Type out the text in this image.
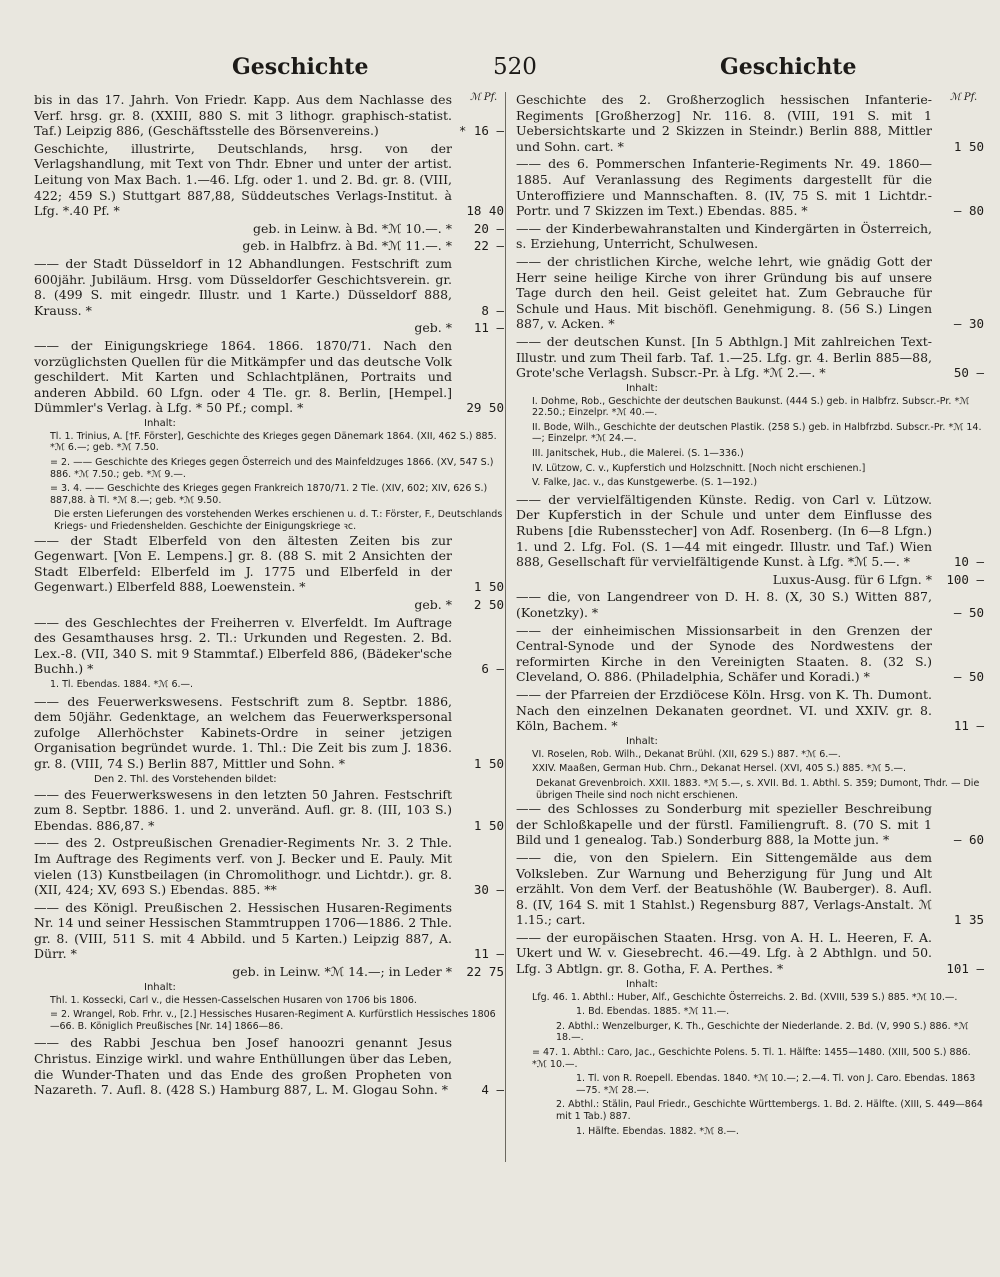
Geschichte	520	Geschichte
ℳ Pf.	ℳ Pf.
bis in das 17. Jahrh. Von Friedr. Kapp. Aus dem Nachlasse des Verf. hrsg. gr. 8. (XXIII, 880 S. mit 3 lithogr. graphisch-statist. Taf.) Leipzig 886, (Geschäftsstelle des Börsenvereins.)	* 16 —
Geschichte, illustrirte, Deutschlands, hrsg. von der Verlagshandlung, mit Text von Thdr. Ebner und unter der artist. Leitung von Max Bach. 1.—46. Lfg. oder 1. und 2. Bd. gr. 8. (VIII, 422; 459 S.) Stuttgart 887,88, Süddeutsches Verlags-Institut. à Lfg. *.40 Pf. *	18 40
geb. in Leinw. à Bd. *ℳ 10.—. * 20 —
geb. in Halbfrz. à Bd. *ℳ 11.—. * 22 —
—— der Stadt Düsseldorf in 12 Abhandlungen. Festschrift zum 600jähr. Jubiläum. Hrsg. vom Düsseldorfer Geschichtsverein. gr. 8. (499 S. mit eingedr. Illustr. und 1 Karte.) Düsseldorf 888, Krauss. *	8 —
geb. * 11 —
—— der Einigungskriege 1864. 1866. 1870/71. Nach den vorzüglichsten Quellen für die Mitkämpfer und das deutsche Volk geschildert. Mit Karten und Schlachtplänen, Portraits und anderen Abbild. 60 Lfgn. oder 4 Tle. gr. 8. Berlin, [Hempel.] Dümmler's Verlag. à Lfg. * 50 Pf.; compl. *	29 50
Inhalt:
Tl. 1. Trinius, A. [†F. Förster], Geschichte des Krieges gegen Dänemark 1864. (XII, 462 S.) 885. *ℳ 6.—; geb. *ℳ 7.50.
= 2. —— Geschichte des Krieges gegen Österreich und des Mainfeldzuges 1866. (XV, 547 S.) 886. *ℳ 7.50.; geb. *ℳ 9.—.
= 3. 4. —— Geschichte des Krieges gegen Frankreich 1870/71. 2 Tle. (XIV, 602; XIV, 626 S.) 887,88. à Tl. *ℳ 8.—; geb. *ℳ 9.50.
Die ersten Lieferungen des vorstehenden Werkes erschienen u. d. T.: Förster, F., Deutschlands Kriegs- und Friedenshelden. Geschichte der Einigungskriege ꝛc.
—— der Stadt Elberfeld von den ältesten Zeiten bis zur Gegenwart. [Von E. Lempens.] gr. 8. (88 S. mit 2 Ansichten der Stadt Elberfeld: Elberfeld im J. 1775 und Elberfeld in der Gegenwart.) Elberfeld 888, Loewenstein. *	1 50
geb. * 2 50
—— des Geschlechtes der Freiherren v. Elverfeldt. Im Auftrage des Gesamthauses hrsg. 2. Tl.: Urkunden und Regesten. 2. Bd. Lex.-8. (VII, 340 S. mit 9 Stammtaf.) Elberfeld 886, (Bädeker'sche Buchh.) *	6 —
1. Tl. Ebendas. 1884. *ℳ 6.—.
—— des Feuerwerkswesens. Festschrift zum 8. Septbr. 1886, dem 50jähr. Gedenktage, an welchem das Feuerwerkspersonal zufolge Allerhöchster Kabinets-Ordre in seiner jetzigen Organisation begründet wurde. 1. Thl.: Die Zeit bis zum J. 1836. gr. 8. (VIII, 74 S.) Berlin 887, Mittler und Sohn. *	1 50
Den 2. Thl. des Vorstehenden bildet:
—— des Feuerwerkswesens in den letzten 50 Jahren. Festschrift zum 8. Septbr. 1886. 1. und 2. unveränd. Aufl. gr. 8. (III, 103 S.) Ebendas. 886,87. *	1 50
—— des 2. Ostpreußischen Grenadier-Regiments Nr. 3. 2 Thle. Im Auftrage des Regiments verf. von J. Becker und E. Pauly. Mit vielen (13) Kunstbeilagen (in Chromolithogr. und Lichtdr.). gr. 8. (XII, 424; XV, 693 S.) Ebendas. 885. **	30 —
—— des Königl. Preußischen 2. Hessischen Husaren-Regiments Nr. 14 und seiner Hessischen Stammtruppen 1706—1886. 2 Thle. gr. 8. (VIII, 511 S. mit 4 Abbild. und 5 Karten.) Leipzig 887, A. Dürr. *	11 —
geb. in Leinw. *ℳ 14.—; in Leder * 22 75
Inhalt:
Thl. 1. Kossecki, Carl v., die Hessen-Casselschen Husaren von 1706 bis 1806.
= 2. Wrangel, Rob. Frhr. v., [2.] Hessisches Husaren-Regiment A. Kurfürstlich Hessisches 1806—66. B. Königlich Preußisches [Nr. 14] 1866—86.
—— des Rabbi Jeschua ben Josef hanoozri genannt Jesus Christus. Einzige wirkl. und wahre Enthüllungen über das Leben, die Wunder-Thaten und das Ende des großen Propheten von Nazareth. 7. Aufl. 8. (428 S.) Hamburg 887, L. M. Glogau Sohn. *	4 —
Geschichte des 2. Großherzoglich hessischen Infanterie-Regiments [Großherzog] Nr. 116. 8. (VIII, 191 S. mit 1 Uebersichtskarte und 2 Skizzen in Steindr.) Berlin 888, Mittler und Sohn. cart. *	1 50
—— des 6. Pommerschen Infanterie-Regiments Nr. 49. 1860—1885. Auf Veranlassung des Regiments dargestellt für die Unteroffiziere und Mannschaften. 8. (IV, 75 S. mit 1 Lichtdr.-Portr. und 7 Skizzen im Text.) Ebendas. 885. *	— 80
—— der Kinderbewahranstalten und Kindergärten in Österreich, s. Erziehung, Unterricht, Schulwesen.
—— der christlichen Kirche, welche lehrt, wie gnädig Gott der Herr seine heilige Kirche von ihrer Gründung bis auf unsere Tage durch den heil. Geist geleitet hat. Zum Gebrauche für Schule und Haus. Mit bischöfl. Genehmigung. 8. (56 S.) Lingen 887, v. Acken. *	— 30
—— der deutschen Kunst. [In 5 Abthlgn.] Mit zahlreichen Text-Illustr. und zum Theil farb. Taf. 1.—25. Lfg. gr. 4. Berlin 885—88, Grote'sche Verlagsh. Subscr.-Pr. à Lfg. *ℳ 2.—. *	50 —
Inhalt:
I. Dohme, Rob., Geschichte der deutschen Baukunst. (444 S.) geb. in Halbfrz. Subscr.-Pr. *ℳ 22.50.; Einzelpr. *ℳ 40.—.
II. Bode, Wilh., Geschichte der deutschen Plastik. (258 S.) geb. in Halbfrzbd. Subscr.-Pr. *ℳ 14.—; Einzelpr. *ℳ 24.—.
III. Janitschek, Hub., die Malerei. (S. 1—336.)
IV. Lützow, C. v., Kupferstich und Holzschnitt. [Noch nicht erschienen.]
V. Falke, Jac. v., das Kunstgewerbe. (S. 1—192.)
—— der vervielfältigenden Künste. Redig. von Carl v. Lützow. Der Kupferstich in der Schule und unter dem Einflusse des Rubens [die Rubensstecher] von Adf. Rosenberg. (In 6—8 Lfgn.) 1. und 2. Lfg. Fol. (S. 1—44 mit eingedr. Illustr. und Taf.) Wien 888, Gesellschaft für vervielfältigende Kunst. à Lfg. *ℳ 5.—. *	10 —
Luxus-Ausg. für 6 Lfgn. * 100 —
—— die, von Langendreer von D. H. 8. (X, 30 S.) Witten 887, (Konetzky). *	— 50
—— der einheimischen Missionsarbeit in den Grenzen der Central-Synode und der Synode des Nordwestens der reformirten Kirche in den Vereinigten Staaten. 8. (32 S.) Cleveland, O. 886. (Philadelphia, Schäfer und Koradi.) *	— 50
—— der Pfarreien der Erzdiöcese Köln. Hrsg. von K. Th. Dumont. Nach den einzelnen Dekanaten geordnet. VI. und XXIV. gr. 8. Köln, Bachem. *	11 —
Inhalt:
VI. Roselen, Rob. Wilh., Dekanat Brühl. (XII, 629 S.) 887. *ℳ 6.—.
XXIV. Maaßen, German Hub. Chrn., Dekanat Hersel. (XVI, 405 S.) 885. *ℳ 5.—.
Dekanat Grevenbroich. XXII. 1883. *ℳ 5.—, s. XVII. Bd. 1. Abthl. S. 359; Dumont, Thdr. — Die übrigen Theile sind noch nicht erschienen.
—— des Schlosses zu Sonderburg mit spezieller Beschreibung der Schloßkapelle und der fürstl. Familiengruft. 8. (70 S. mit 1 Bild und 1 genealog. Tab.) Sonderburg 888, la Motte jun. *	— 60
—— die, von den Spielern. Ein Sittengemälde aus dem Volksleben. Zur Warnung und Beherzigung für Jung und Alt erzählt. Von dem Verf. der Beatushöhle (W. Bauberger). 8. Aufl. 8. (IV, 164 S. mit 1 Stahlst.) Regensburg 887, Verlags-Anstalt. ℳ 1.15.; cart.	1 35
—— der europäischen Staaten. Hrsg. von A. H. L. Heeren, F. A. Ukert und W. v. Giesebrecht. 46.—49. Lfg. à 2 Abthlgn. und 50. Lfg. 3 Abtlgn. gr. 8. Gotha, F. A. Perthes. *	101 —
Inhalt:
Lfg. 46. 1. Abthl.: Huber, Alf., Geschichte Österreichs. 2. Bd. (XVIII, 539 S.) 885. *ℳ 10.—.
1. Bd. Ebendas. 1885. *ℳ 11.—.
2. Abthl.: Wenzelburger, K. Th., Geschichte der Niederlande. 2. Bd. (V, 990 S.) 886. *ℳ 18.—.
= 47. 1. Abthl.: Caro, Jac., Geschichte Polens. 5. Tl. 1. Hälfte: 1455—1480. (XIII, 500 S.) 886. *ℳ 10.—.
1. Tl. von R. Roepell. Ebendas. 1840. *ℳ 10.—; 2.—4. Tl. von J. Caro. Ebendas. 1863—75. *ℳ 28.—.
2. Abthl.: Stälin, Paul Friedr., Geschichte Württembergs. 1. Bd. 2. Hälfte. (XIII, S. 449—864 mit 1 Tab.) 887.
1. Hälfte. Ebendas. 1882. *ℳ 8.—.
